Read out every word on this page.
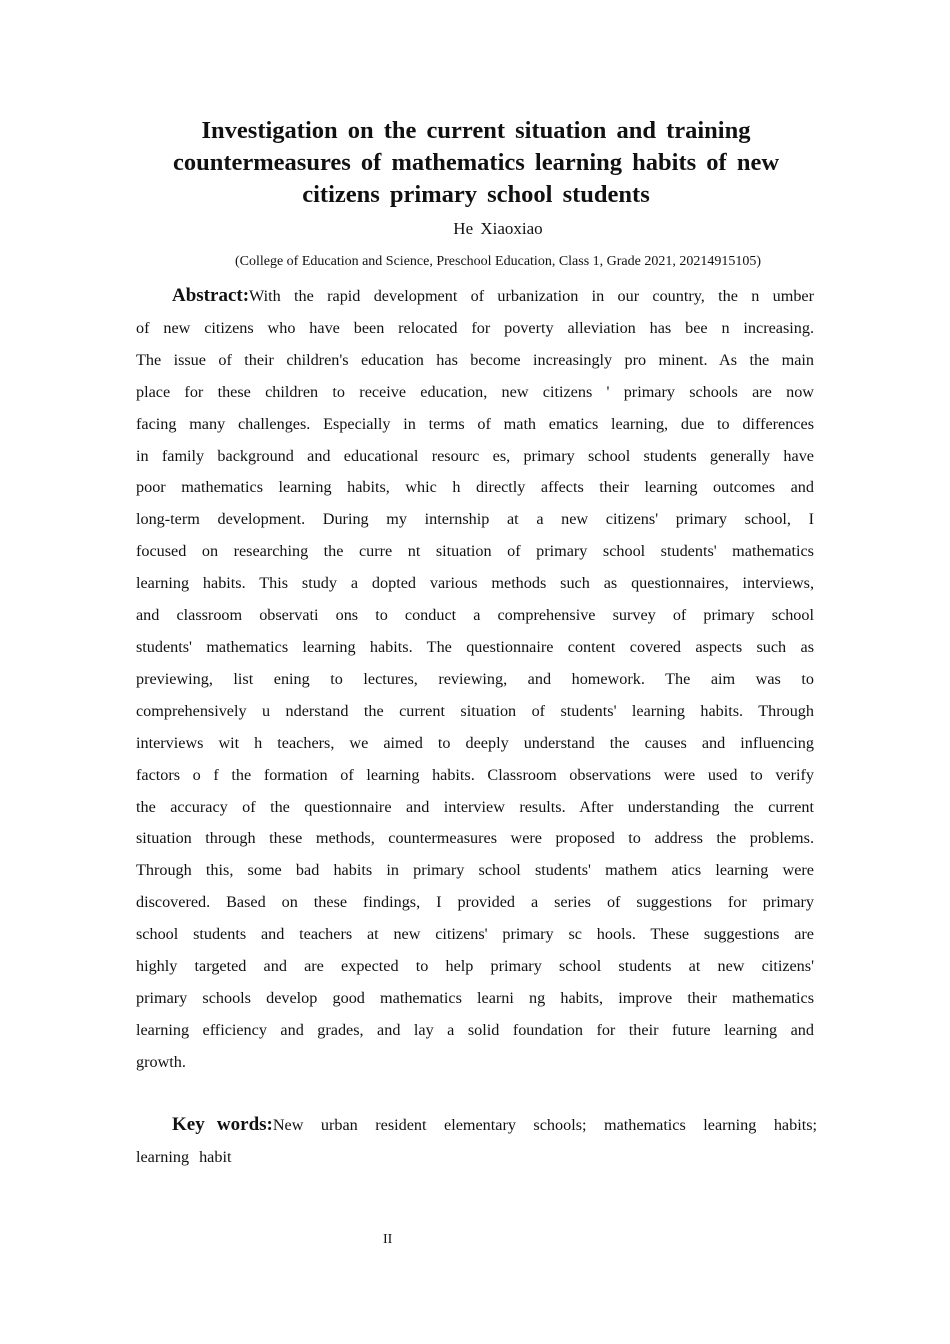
Investigation on the current situation and training countermeasures of mathematics learning habits of new citizens primary school students
He Xiaoxiao
(College of Education and Science, Preschool Education, Class 1, Grade 2021, 20214915105)

Abstract:With the rapid development of urbanization in our country, the n umber of new citizens who have been relocated for poverty alleviation has bee n increasing. The issue of their children's education has become increasingly pro minent. As the main place for these children to receive education, new citizens ' primary schools are now facing many challenges. Especially in terms of math ematics learning, due to differences in family background and educational resourc es, primary school students generally have poor mathematics learning habits, whic h directly affects their learning outcomes and long-term development. During my internship at a new citizens' primary school, I focused on researching the curre nt situation of primary school students' mathematics learning habits. This study a dopted various methods such as questionnaires, interviews, and classroom observati ons to conduct a comprehensive survey of primary school students' mathematics learning habits. The questionnaire content covered aspects such as previewing, list ening to lectures, reviewing, and homework. The aim was to comprehensively u nderstand the current situation of students' learning habits. Through interviews wit h teachers, we aimed to deeply understand the causes and influencing factors o f the formation of learning habits. Classroom observations were used to verify the accuracy of the questionnaire and interview results. After understanding the current situation through these methods, countermeasures were proposed to address the problems. Through this, some bad habits in primary school students' mathem atics learning were discovered. Based on these findings, I provided a series of suggestions for primary school students and teachers at new citizens' primary sc hools. These suggestions are highly targeted and are expected to help primary school students at new citizens' primary schools develop good mathematics learni ng habits, improve their mathematics learning efficiency and grades, and lay a solid foundation for their future learning and growth.

Key words:New urban resident elementary schools; mathematics learning habits; learning habit

II
